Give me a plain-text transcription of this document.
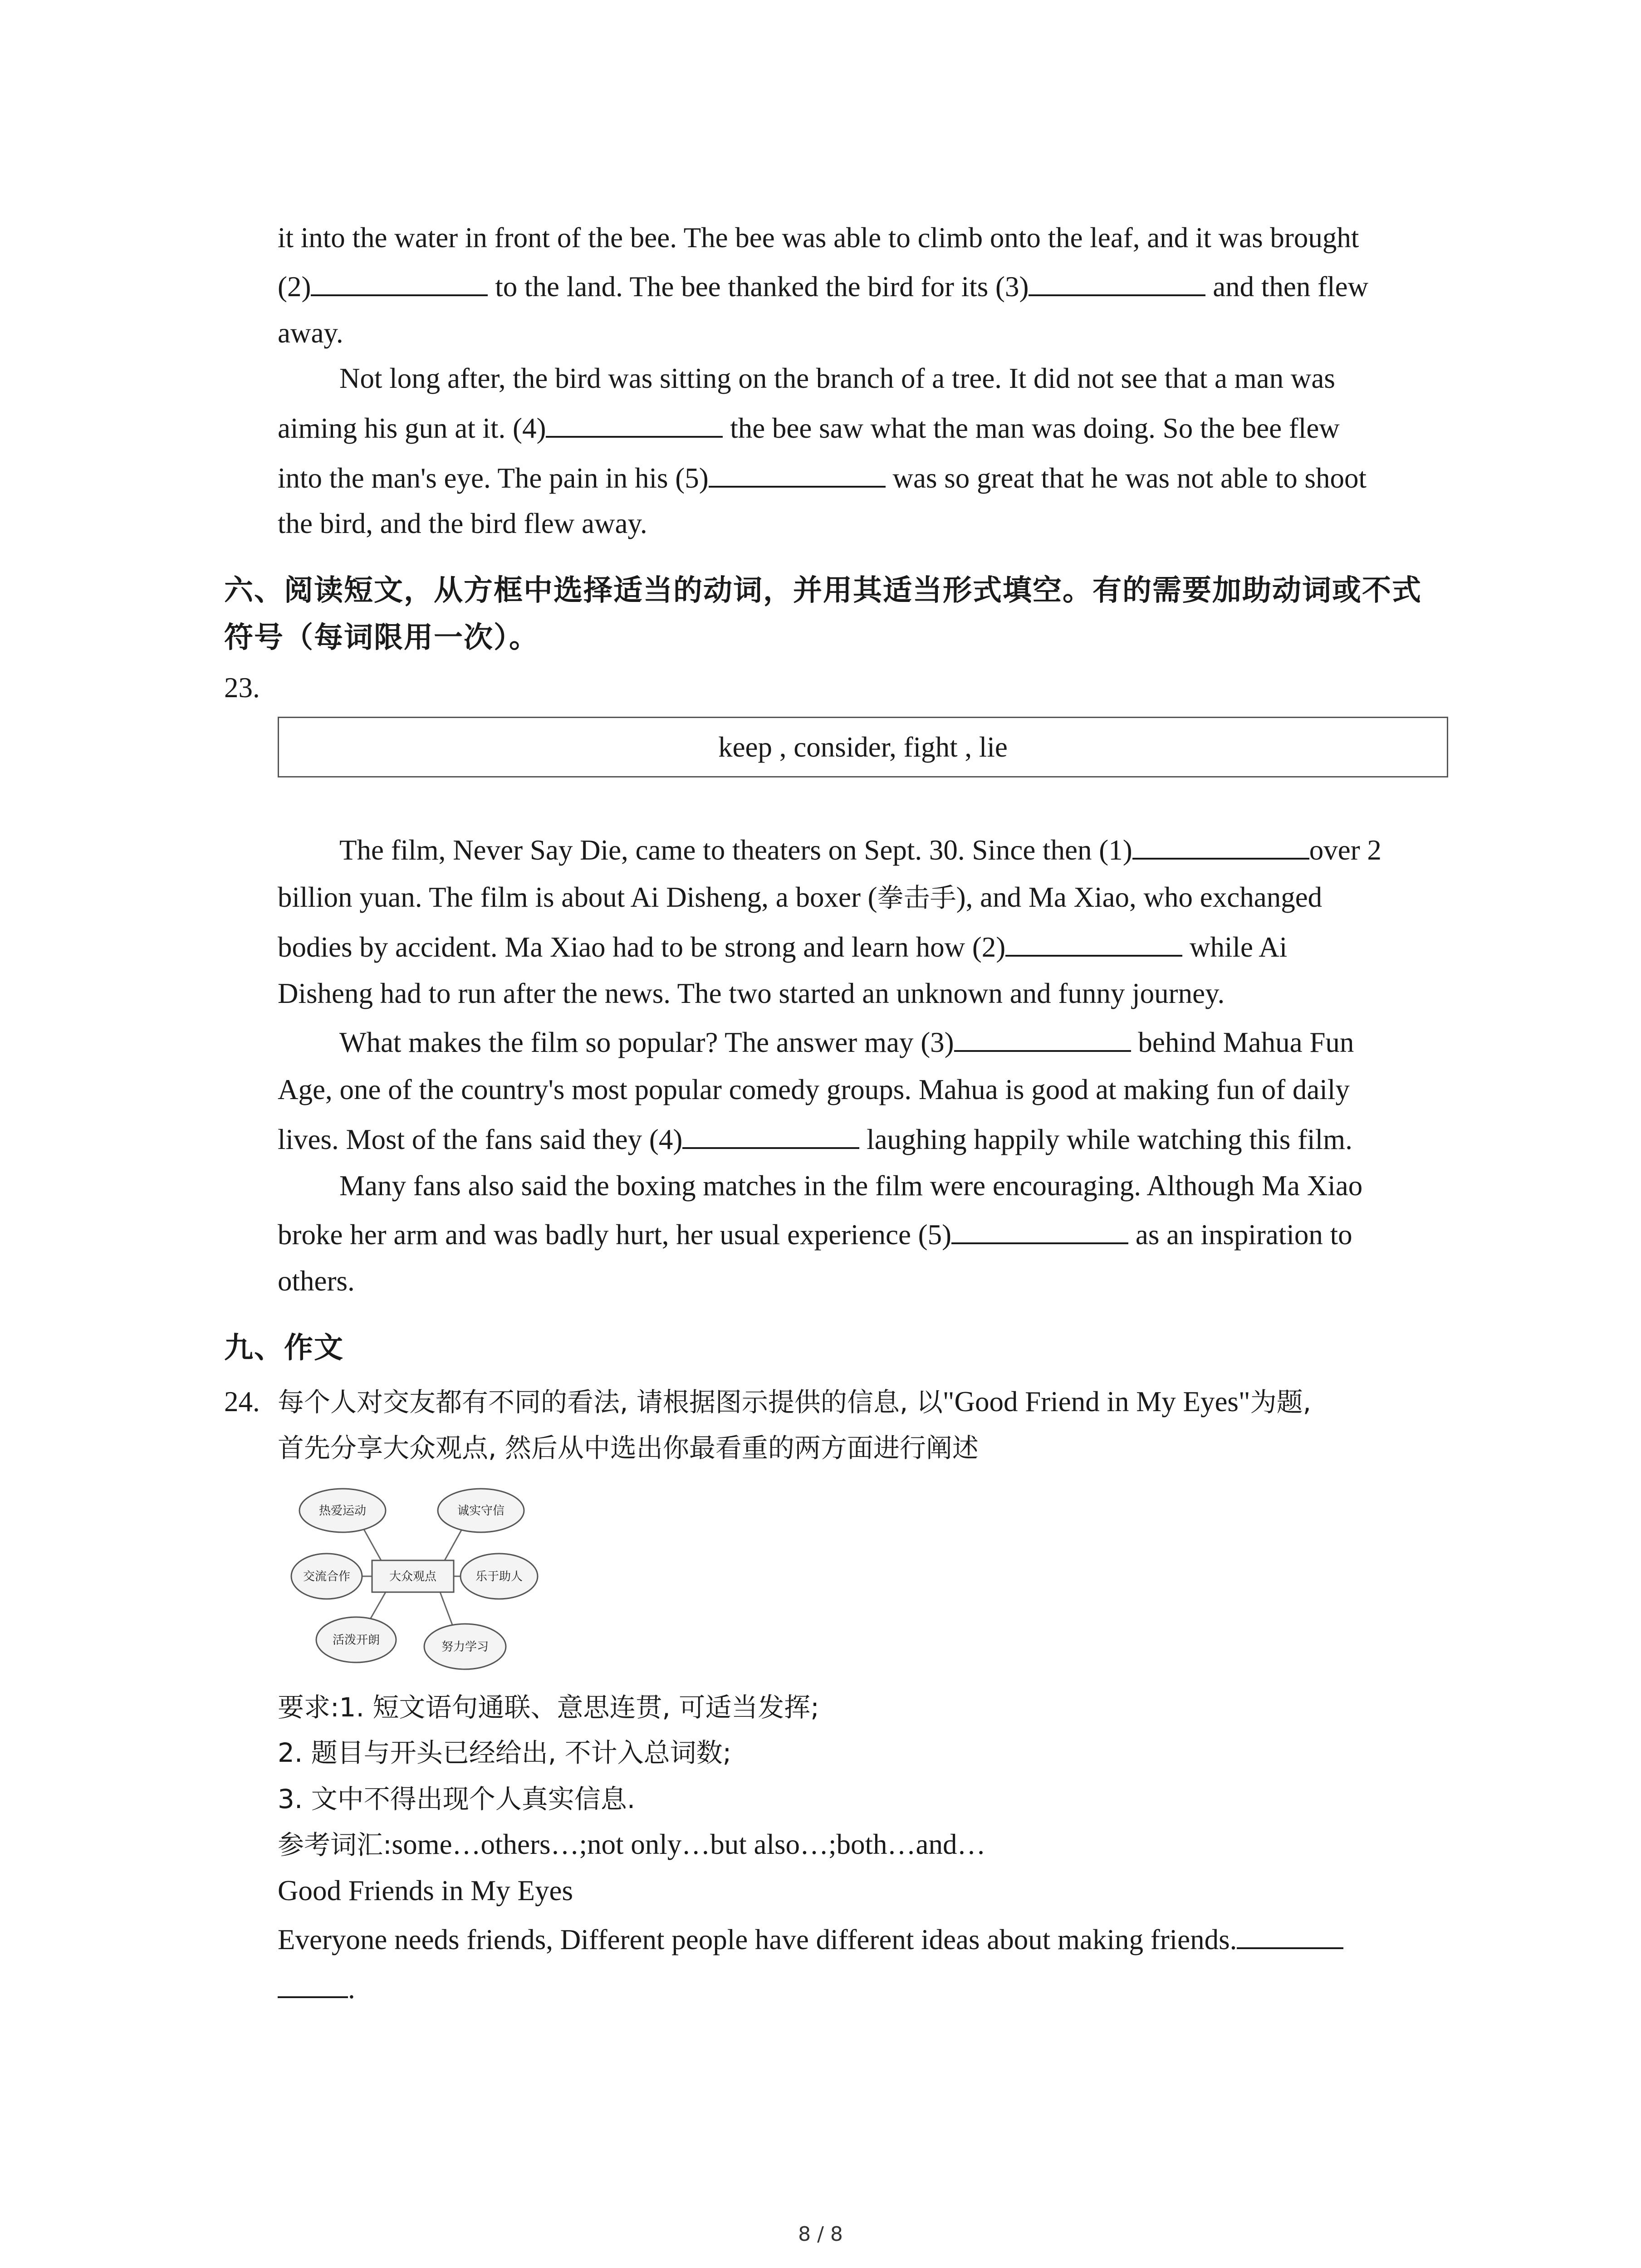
it into the water in front of the bee. The bee was able to climb onto the leaf, and it was brought

(2)	to the land. The bee thanked the bird for its (3)	and then flew

away.

Not long after, the bird was sitting on the branch of a tree. It did not see that a man was

aiming his gun at it. (4)	the bee saw what the man was doing. So the bee flew

into the man's eye. The pain in his (5)	was so great that he was not able to shoot

the bird, and the bird flew away.

六、阅读短文，从方框中选择适当的动词，并用其适当形式填空。有的需要加助动词或不式

符号（每词限用一次）。

23.
keep , consider, fight , lie

The film, Never Say Die, came to theaters on Sept. 30. Since then (1)	over 2

billion yuan. The film is about Ai Disheng, a boxer (拳击手), and Ma Xiao, who exchanged

bodies by accident. Ma Xiao had to be strong and learn how (2)	while Ai

Disheng had to run after the news. The two started an unknown and funny journey.

What makes the film so popular? The answer may (3)	behind Mahua Fun

Age, one of the country's most popular comedy groups. Mahua is good at making fun of daily

lives. Most of the fans said they (4)	laughing happily while watching this film.

Many fans also said the boxing matches in the film were encouraging. Although Ma Xiao

broke her arm and was badly hurt, her usual experience (5)	as an inspiration to

others.

九、作文

24. 每个人对交友都有不同的看法, 请根据图示提供的信息, 以"Good Friend in My Eyes"为题,

首先分享大众观点, 然后从中选出你最看重的两方面进行阐述

大众观点
热爱运动	诚实守信
交流合作	乐于助人
活泼开朗	努力学习

要求:1. 短文语句通联、意思连贯, 可适当发挥;

2. 题目与开头已经给出, 不计入总词数;

3. 文中不得出现个人真实信息.

参考词汇:some…others…;not only…but also…;both…and…

Good Friends in My Eyes

Everyone needs friends, Different people have different ideas about making friends.

.

8 / 8
